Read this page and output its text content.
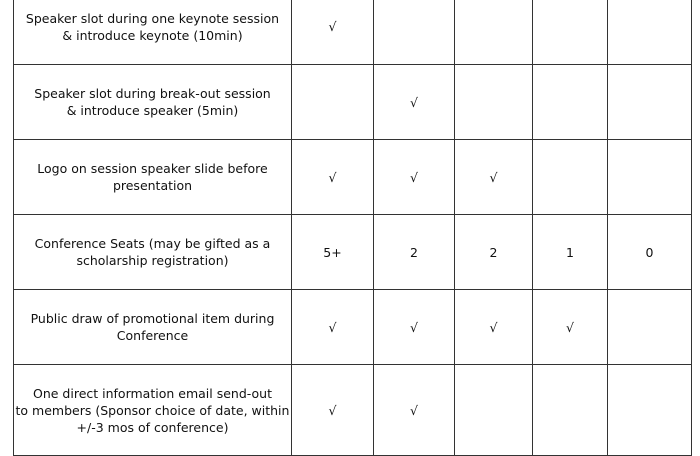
Speaker slot during one keynote session
& introduce keynote (10min)	√				

Speaker slot during break-out session
& introduce speaker (5min)		√			

Logo on session speaker slide before
presentation	√	√	√		

Conference Seats (may be gifted as a
scholarship registration)	5+	2	2	1	0

Public draw of promotional item during
Conference	√	√	√	√	

One direct information email send-out
to members (Sponsor choice of date, within
+/-3 mos of conference)	√	√			
